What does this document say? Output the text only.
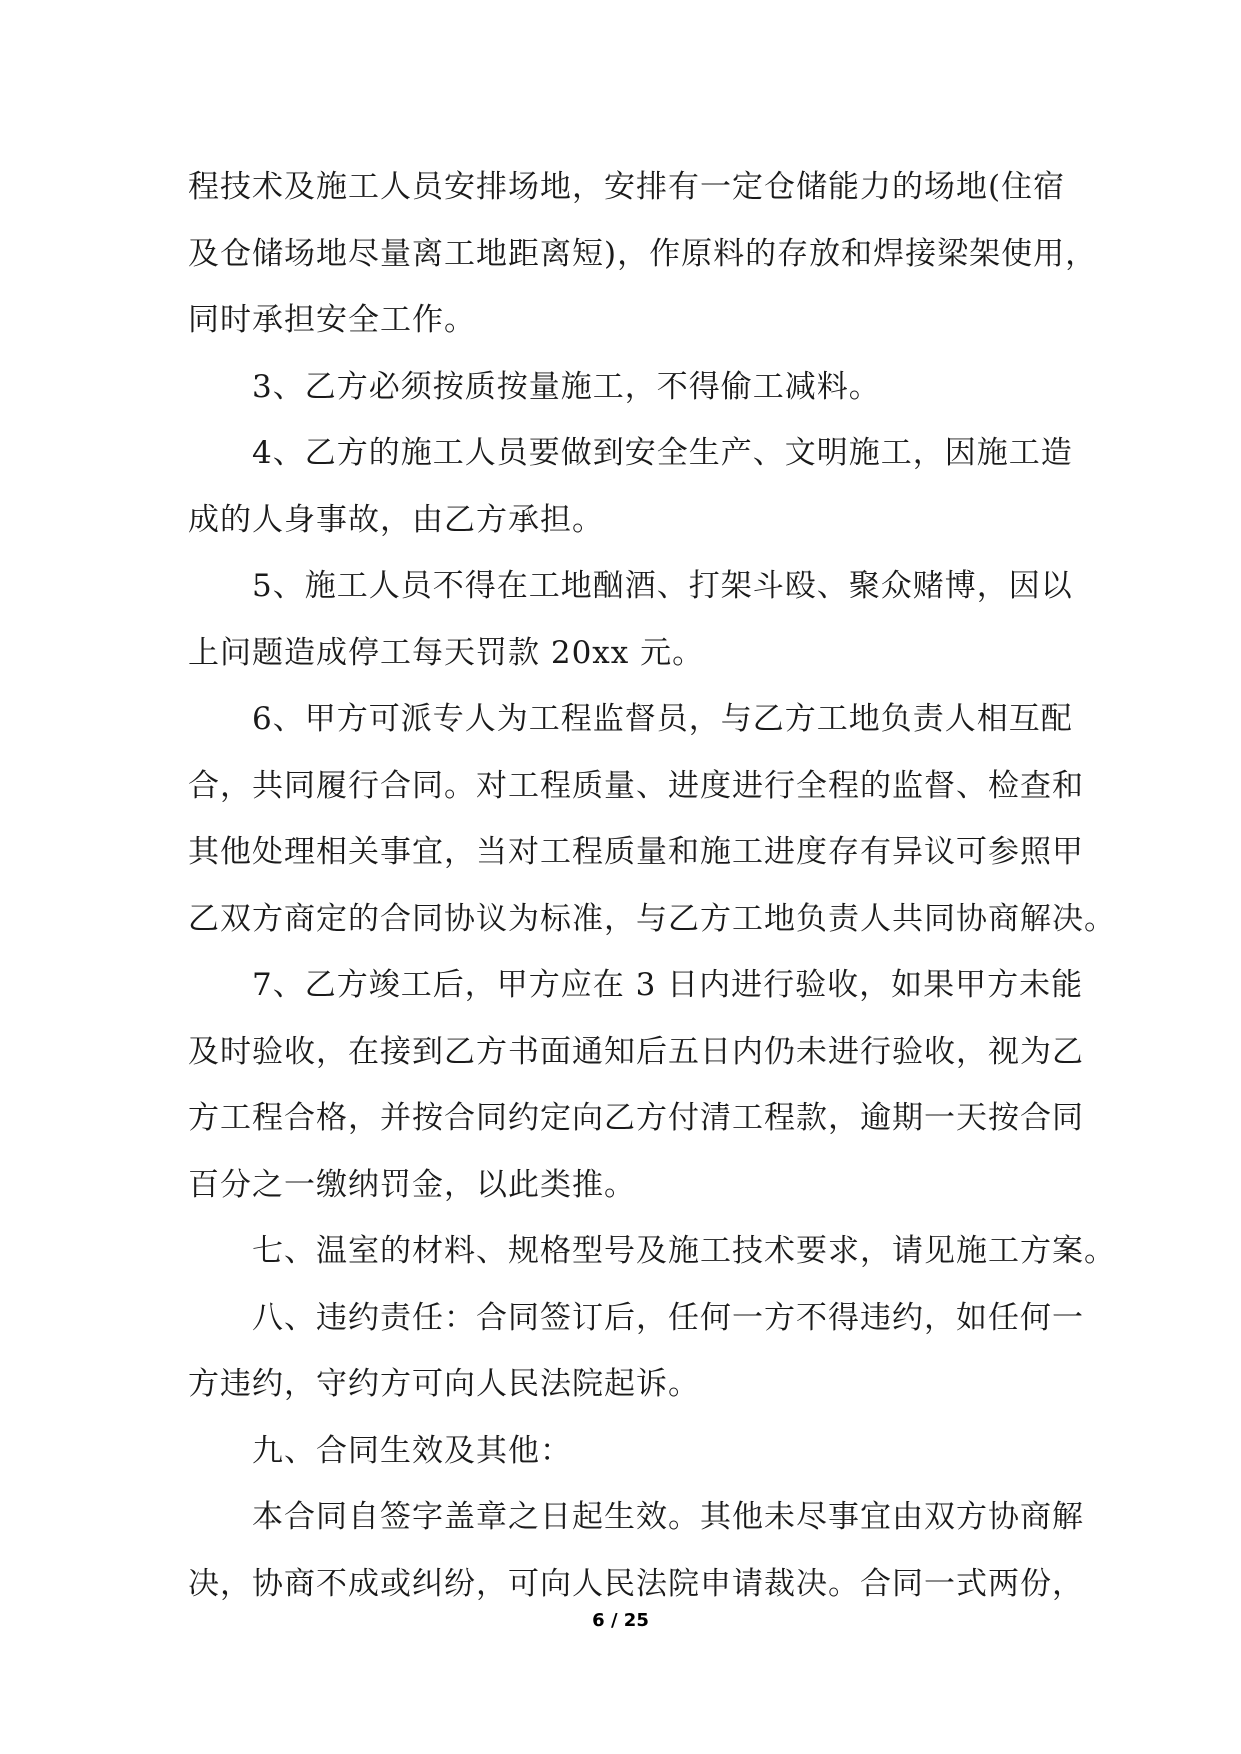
程技术及施工人员安排场地，安排有一定仓储能力的场地(住宿
及仓储场地尽量离工地距离短)，作原料的存放和焊接梁架使用，
同时承担安全工作。
3、乙方必须按质按量施工，不得偷工减料。
4、乙方的施工人员要做到安全生产、文明施工，因施工造
成的人身事故，由乙方承担。
5、施工人员不得在工地酗酒、打架斗殴、聚众赌博，因以
上问题造成停工每天罚款 20xx 元。
6、甲方可派专人为工程监督员，与乙方工地负责人相互配
合，共同履行合同。对工程质量、进度进行全程的监督、检查和
其他处理相关事宜，当对工程质量和施工进度存有异议可参照甲
乙双方商定的合同协议为标准，与乙方工地负责人共同协商解决。
7、乙方竣工后，甲方应在 3 日内进行验收，如果甲方未能
及时验收，在接到乙方书面通知后五日内仍未进行验收，视为乙
方工程合格，并按合同约定向乙方付清工程款，逾期一天按合同
百分之一缴纳罚金，以此类推。
七、温室的材料、规格型号及施工技术要求，请见施工方案。
八、违约责任：合同签订后，任何一方不得违约，如任何一
方违约，守约方可向人民法院起诉。
九、合同生效及其他：
本合同自签字盖章之日起生效。其他未尽事宜由双方协商解
决，协商不成或纠纷，可向人民法院申请裁决。合同一式两份，
6 / 25
